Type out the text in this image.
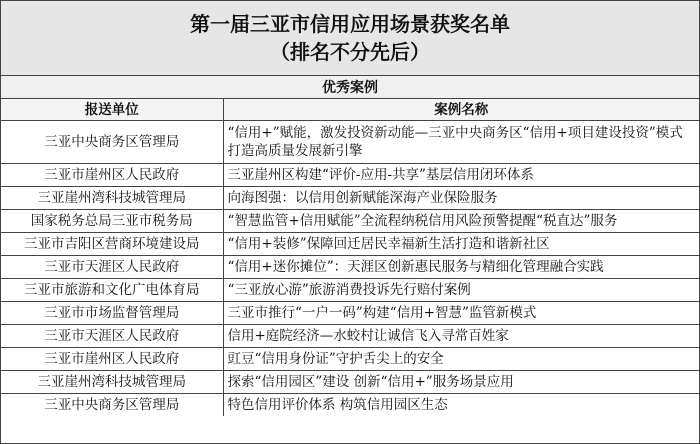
第一届三亚市信用应用场景获奖名单
（排名不分先后）
优秀案例
报送单位	案例名称
三亚中央商务区管理局	“信用+”赋能，激发投资新动能—三亚中央商务区“信用+项目建设投资”模式打造高质量发展新引擎
三亚市崖州区人民政府	三亚崖州区构建“评价-应用-共享”基层信用闭环体系
三亚崖州湾科技城管理局	向海图强：以信用创新赋能深海产业保险服务
国家税务总局三亚市税务局	“智慧监管+信用赋能”全流程纳税信用风险预警提醒“税直达”服务
三亚市吉阳区营商环境建设局	“信用+装修”保障回迁居民幸福新生活打造和谐新社区
三亚市天涯区人民政府	“信用+迷你摊位”：天涯区创新惠民服务与精细化管理融合实践
三亚市旅游和文化广电体育局	“三亚放心游”旅游消费投诉先行赔付案例
三亚市市场监督管理局	三亚市推行“一户一码”构建“信用+智慧”监管新模式
三亚市天涯区人民政府	信用+庭院经济—水蛟村让诚信飞入寻常百姓家
三亚市崖州区人民政府	豇豆“信用身份证”守护舌尖上的安全
三亚崖州湾科技城管理局	探索“信用园区”建设 创新“信用+”服务场景应用
三亚中央商务区管理局	特色信用评价体系 构筑信用园区生态
